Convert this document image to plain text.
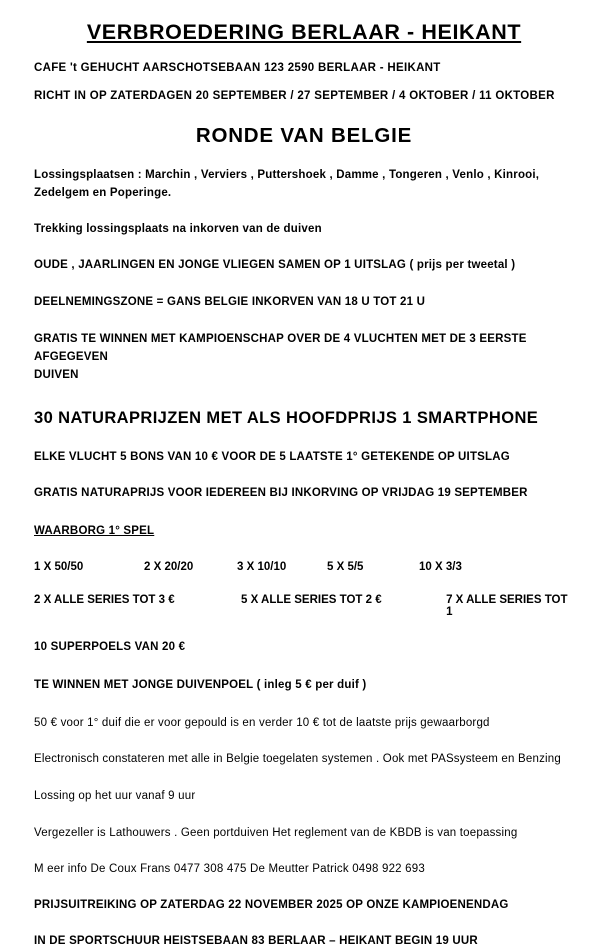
VERBROEDERING BERLAAR - HEIKANT

CAFE 't GEHUCHT AARSCHOTSEBAAN 123 2590 BERLAAR - HEIKANT

RICHT IN OP ZATERDAGEN 20 SEPTEMBER / 27 SEPTEMBER / 4 OKTOBER / 11 OKTOBER

RONDE VAN BELGIE

Lossingsplaatsen : Marchin , Verviers , Puttershoek , Damme , Tongeren , Venlo , Kinrooi,

Zedelgem en Poperinge.

Trekking lossingsplaats na inkorven van de duiven

OUDE , JAARLINGEN EN JONGE VLIEGEN SAMEN OP 1 UITSLAG ( prijs per tweetal )

DEELNEMINGSZONE = GANS BELGIE INKORVEN VAN 18 U TOT 21 U

GRATIS TE WINNEN MET KAMPIOENSCHAP OVER DE 4 VLUCHTEN MET DE 3 EERSTE AFGEGEVEN

DUIVEN

30 NATURAPRIJZEN MET ALS HOOFDPRIJS 1 SMARTPHONE

ELKE VLUCHT 5 BONS VAN 10 € VOOR DE 5 LAATSTE 1° GETEKENDE OP UITSLAG

GRATIS NATURAPRIJS VOOR IEDEREEN BIJ INKORVING OP VRIJDAG 19 SEPTEMBER

WAARBORG 1° SPEL

1 X 50/50	2 X 20/20	3 X 10/10	5 X 5/5	10 X 3/3

2 X ALLE SERIES TOT 3 €	5 X ALLE SERIES TOT 2 €	7 X ALLE SERIES TOT 1

10 SUPERPOELS VAN 20 €

TE WINNEN MET JONGE DUIVENPOEL ( inleg 5 € per duif )

50 € voor 1° duif die er voor gepould is en verder 10 € tot de laatste prijs gewaarborgd

Electronisch constateren met alle in Belgie toegelaten systemen . Ook met PASsysteem en Benzing

Lossing op het uur vanaf 9 uur

Vergezeller is Lathouwers . Geen portduiven Het reglement van de KBDB is van toepassing

M eer info De Coux Frans 0477 308 475 De Meutter Patrick 0498 922 693

PRIJSUITREIKING OP ZATERDAG 22 NOVEMBER 2025 OP ONZE KAMPIOENENDAG

IN DE SPORTSCHUUR HEISTSEBAAN 83 BERLAAR – HEIKANT BEGIN 19 UUR
